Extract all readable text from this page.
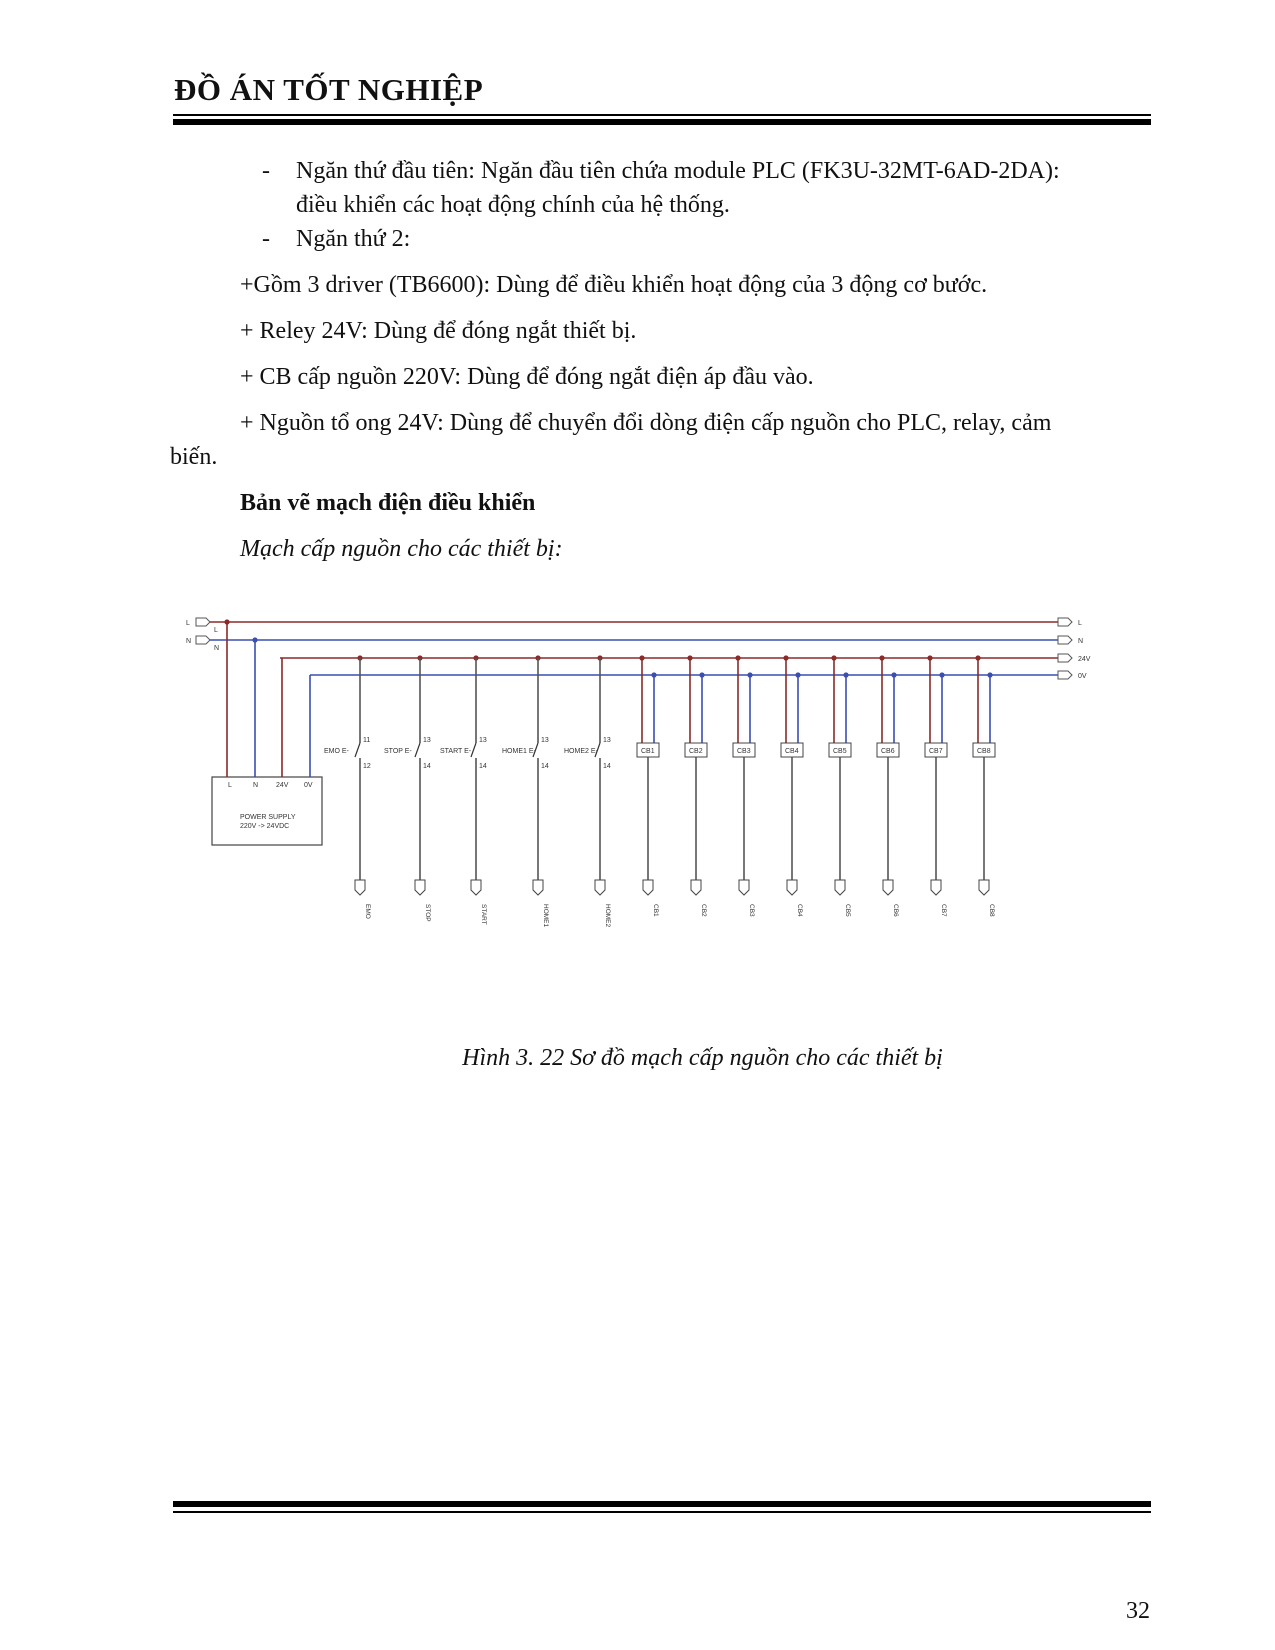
ĐỒ ÁN TỐT NGHIỆP
- Ngăn thứ đầu tiên: Ngăn đầu tiên chứa module PLC (FK3U-32MT-6AD-2DA):
điều khiển các hoạt động chính của hệ thống.
- Ngăn thứ 2:
+Gồm 3 driver (TB6600): Dùng để điều khiển hoạt động của 3 động cơ bước.
+ Reley 24V: Dùng để đóng ngắt thiết bị.
+ CB cấp nguồn 220V: Dùng để đóng ngắt điện áp đầu vào.
+ Nguồn tổ ong 24V: Dùng để chuyển đổi dòng điện cấp nguồn cho PLC, relay, cảm
biến.
Bản vẽ mạch điện điều khiển
Mạch cấp nguồn cho các thiết bị:
L
L
N
N
L
N
24V
0V
L	N	24V 0V
POWER SUPPLY
220V -> 24VDC
11
12
EMO E-
EMO
13
14
STOP E-
STOP
13
14
START E-
START
13
14
HOME1 E-
HOME1
13
14
HOME2 E-
HOME2
CB1
CB1
CB2
CB2
CB3
CB3
CB4
CB4
CB5
CB5
CB6
CB6
CB7
CB7
CB8
CB8
Hình 3. 22 Sơ đồ mạch cấp nguồn cho các thiết bị
32
